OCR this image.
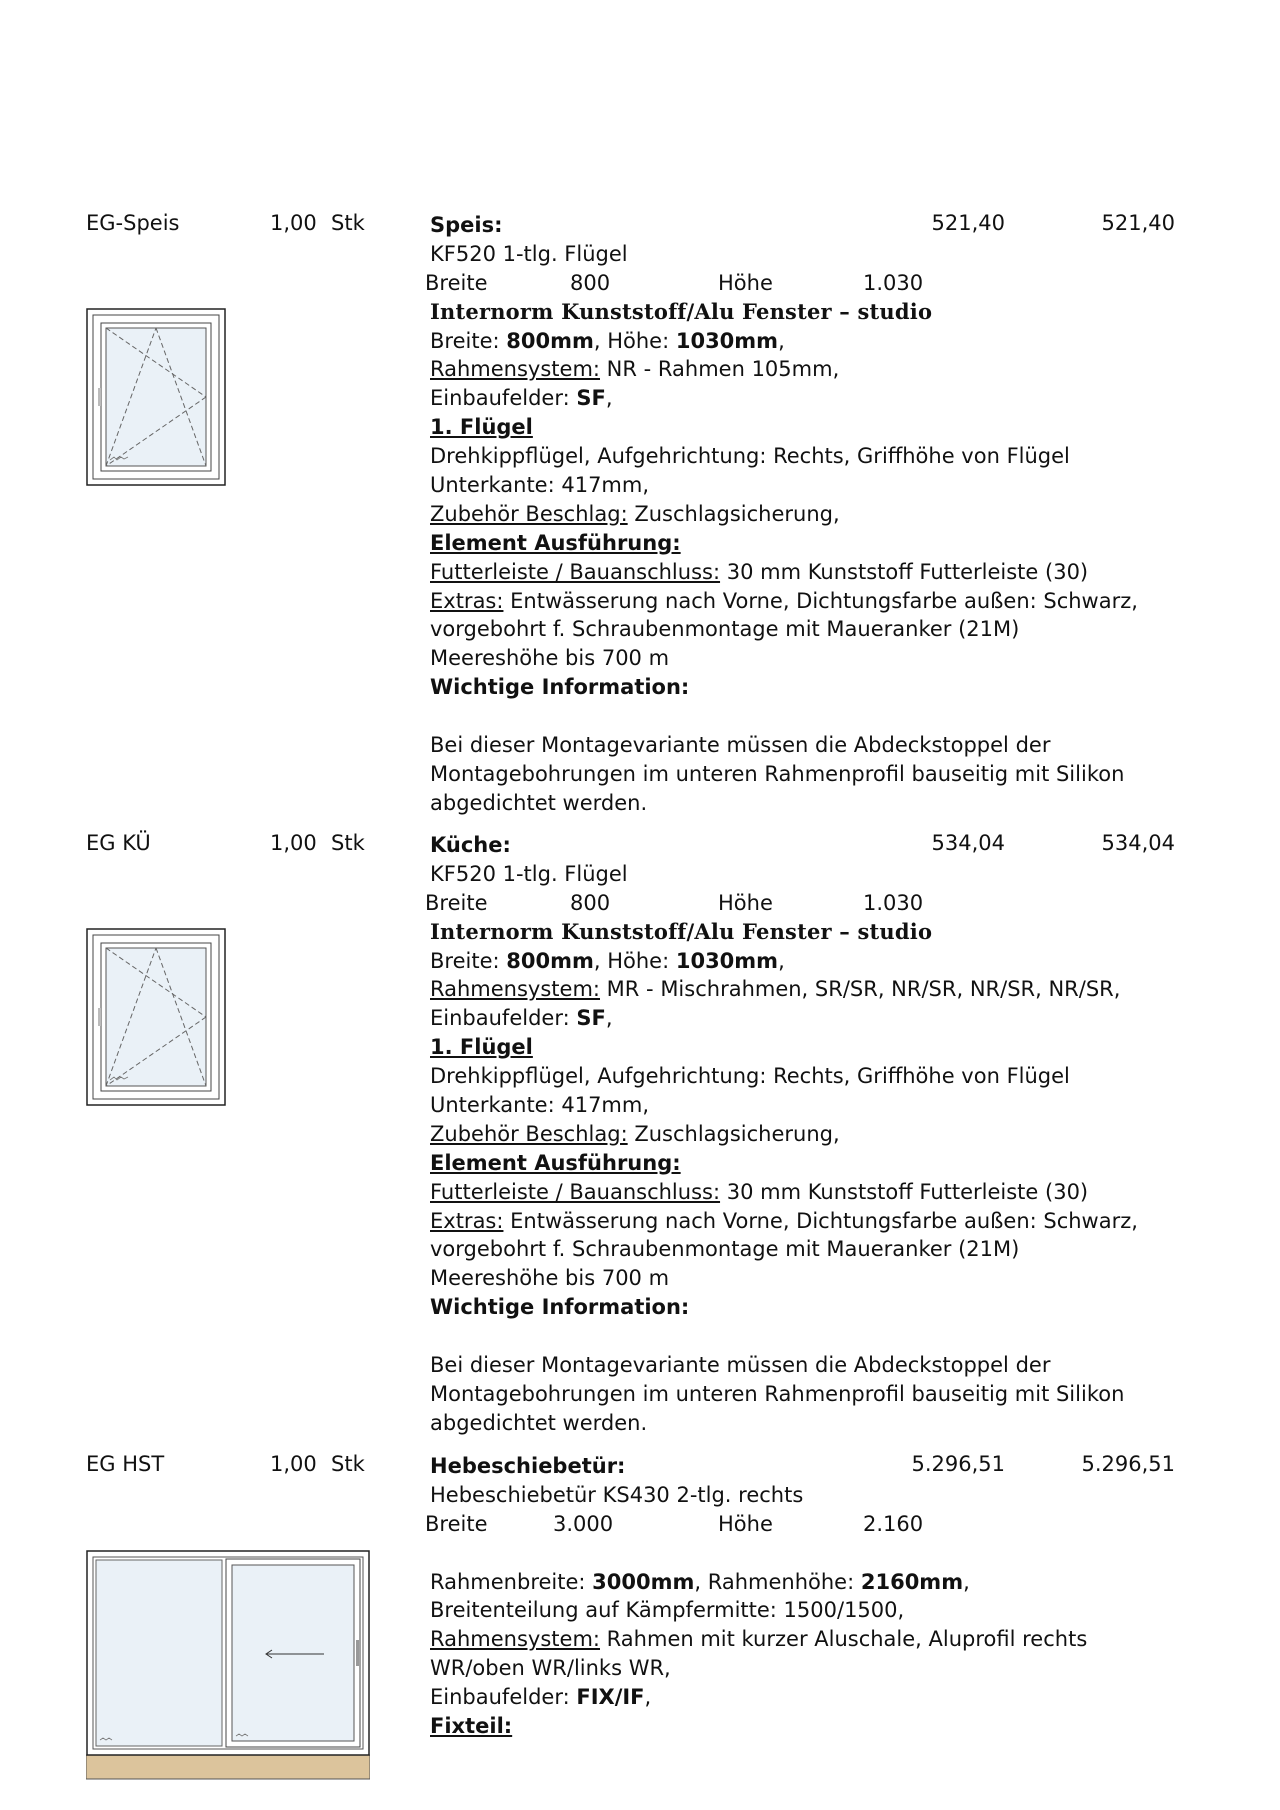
EG-Speis	1,00 Stk	521,40	521,40
Speis:
KF520 1-tlg. Flügel
Breite	800	Höhe	1.030
Internorm Kunststoff/Alu Fenster – studio
Breite: 800mm, Höhe: 1030mm,
Rahmensystem: NR - Rahmen 105mm,
Einbaufelder: SF,
1. Flügel
Drehkippflügel, Aufgehrichtung: Rechts, Griffhöhe von Flügel
Unterkante: 417mm,
Zubehör Beschlag: Zuschlagsicherung,
Element Ausführung:
Futterleiste / Bauanschluss: 30 mm Kunststoff Futterleiste (30)
Extras: Entwässerung nach Vorne, Dichtungsfarbe außen: Schwarz,
vorgebohrt f. Schraubenmontage mit Maueranker (21M)
Meereshöhe bis 700 m
Wichtige Information:
Bei dieser Montagevariante müssen die Abdeckstoppel der
Montagebohrungen im unteren Rahmenprofil bauseitig mit Silikon
abgedichtet werden.
EG KÜ	1,00 Stk	534,04	534,04
Küche:
KF520 1-tlg. Flügel
Breite	800	Höhe	1.030
Internorm Kunststoff/Alu Fenster – studio
Breite: 800mm, Höhe: 1030mm,
Rahmensystem: MR - Mischrahmen, SR/SR, NR/SR, NR/SR, NR/SR,
Einbaufelder: SF,
1. Flügel
Drehkippflügel, Aufgehrichtung: Rechts, Griffhöhe von Flügel
Unterkante: 417mm,
Zubehör Beschlag: Zuschlagsicherung,
Element Ausführung:
Futterleiste / Bauanschluss: 30 mm Kunststoff Futterleiste (30)
Extras: Entwässerung nach Vorne, Dichtungsfarbe außen: Schwarz,
vorgebohrt f. Schraubenmontage mit Maueranker (21M)
Meereshöhe bis 700 m
Wichtige Information:
Bei dieser Montagevariante müssen die Abdeckstoppel der
Montagebohrungen im unteren Rahmenprofil bauseitig mit Silikon
abgedichtet werden.
EG HST	1,00 Stk	5.296,51	5.296,51
Hebeschiebetür:
Hebeschiebetür KS430 2-tlg. rechts
Breite	3.000	Höhe	2.160
Rahmenbreite: 3000mm, Rahmenhöhe: 2160mm,
Breitenteilung auf Kämpfermitte: 1500/1500,
Rahmensystem: Rahmen mit kurzer Aluschale, Aluprofil rechts
WR/oben WR/links WR,
Einbaufelder: FIX/IF,
Fixteil:
